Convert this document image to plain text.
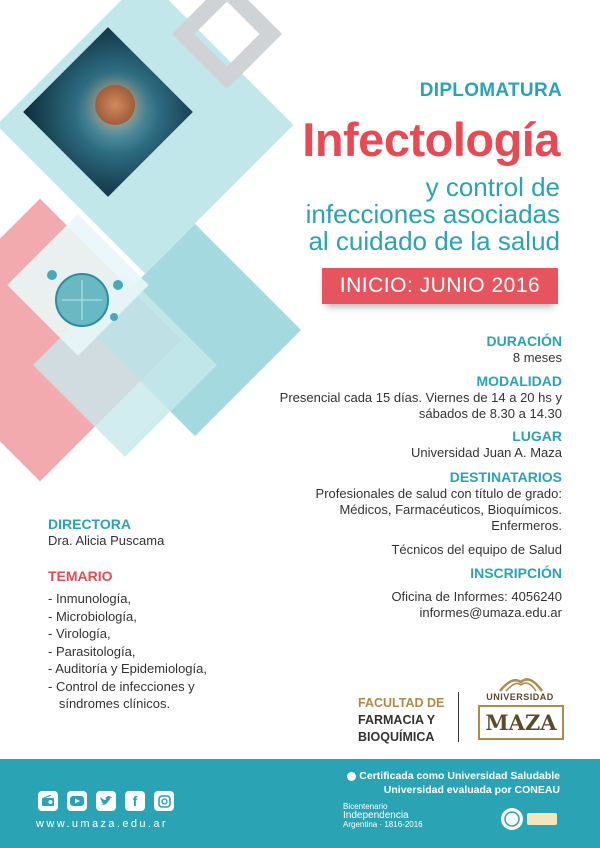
DIPLOMATURA
Infectología
y control de
infecciones asociadas
al cuidado de la salud
INICIO: JUNIO 2016
DURACIÓN
8 meses
MODALIDAD
Presencial cada 15 días. Viernes de 14 a 20 hs y
sábados de 8.30 a 14.30
LUGAR
Universidad Juan A. Maza
DESTINATARIOS
Profesionales de salud con título de grado:
Médicos, Farmacéuticos, Bioquímicos.
Enfermeros.
Técnicos del equipo de Salud
INSCRIPCIÓN
Oficina de Informes: 4056240
informes@umaza.edu.ar
DIRECTORA
Dra. Alicia Puscama
TEMARIO
- Inmunología,
- Microbiología,
- Virología,
- Parasitología,
- Auditoría y Epidemiología,
- Control de infecciones y
síndromes clínicos.	FACULTAD DE
FARMACIA Y
BIOQUÍMICA
UNIVERSIDAD
MAZA
f
www.umaza.edu.ar
Certificada como Universidad Saludable
Universidad evaluada por CONEAU
Bicentenario
Independencia
Argentina · 1816-2016
